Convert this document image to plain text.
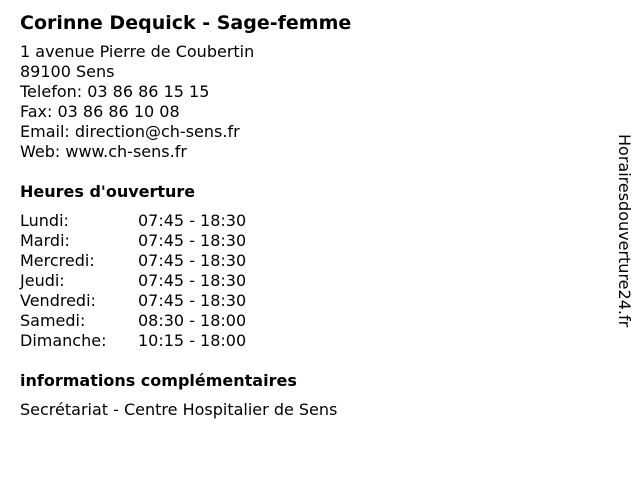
Corinne Dequick - Sage-femme
1 avenue Pierre de Coubertin
89100 Sens
Telefon: 03 86 86 15 15
Fax: 03 86 86 10 08
Email: direction@ch-sens.fr
Web: www.ch-sens.fr
Heures d'ouverture
Lundi:	07:45 - 18:30
Mardi:	07:45 - 18:30
Mercredi:	07:45 - 18:30
Jeudi:	07:45 - 18:30
Vendredi:	07:45 - 18:30
Samedi:	08:30 - 18:00
Dimanche:	10:15 - 18:00
informations complémentaires
Secrétariat - Centre Hospitalier de Sens
Horairesdouverture24.fr
